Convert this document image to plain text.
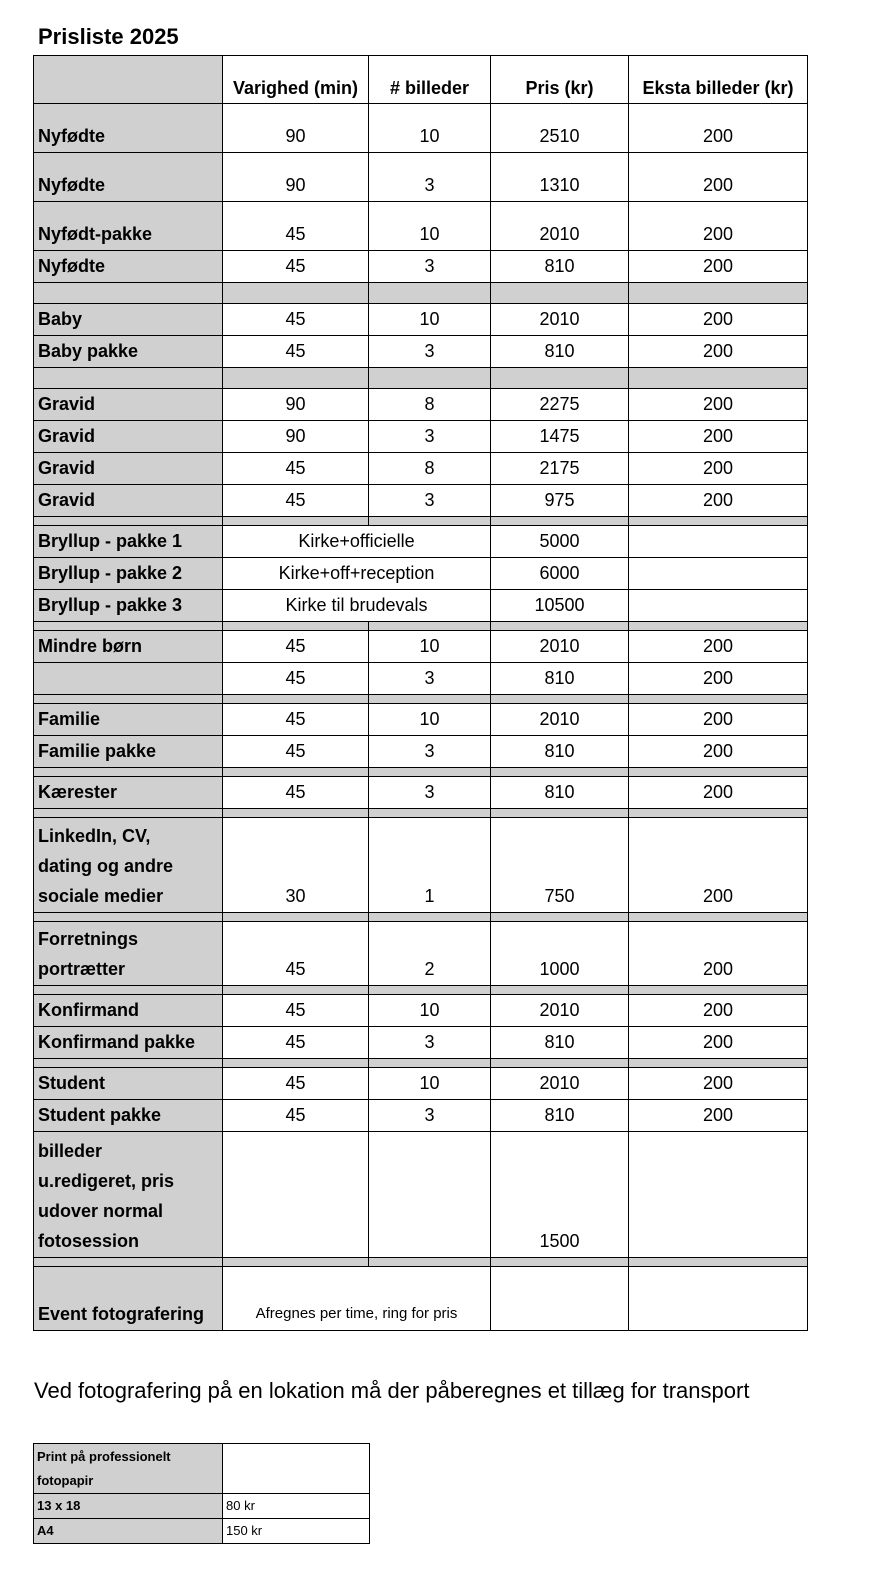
Prisliste 2025
	Varighed (min)	# billeder	Pris (kr)	Eksta billeder (kr)
Nyfødte	90	10	2510	200
Nyfødte	90	3	1310	200
Nyfødt-pakke	45	10	2010	200
Nyfødte	45	3	810	200

Baby	45	10	2010	200
Baby pakke	45	3	810	200

Gravid	90	8	2275	200
Gravid	90	3	1475	200
Gravid	45	8	2175	200
Gravid	45	3	975	200

Bryllup - pakke 1	Kirke+officielle		5000	
Bryllup - pakke 2	Kirke+off+reception		6000	
Bryllup - pakke 3	Kirke til brudevals		10500	

Mindre børn	45	10	2010	200
	45	3	810	200

Familie	45	10	2010	200
Familie pakke	45	3	810	200

Kærester	45	3	810	200

LinkedIn, CV,
dating og andre
sociale medier	30	1	750	200

Forretnings
portrætter	45	2	1000	200

Konfirmand	45	10	2010	200
Konfirmand pakke	45	3	810	200

Student	45	10	2010	200
Student pakke	45	3	810	200

billeder
u.redigeret, pris
udover normal
fotosession			1500	

Event fotografering	Afregnes per time, ring for pris			
Ved fotografering på en lokation må der påberegnes et tillæg for transport
Print på professionelt
fotopapir	

13 x 18	80 kr
A4	150 kr
